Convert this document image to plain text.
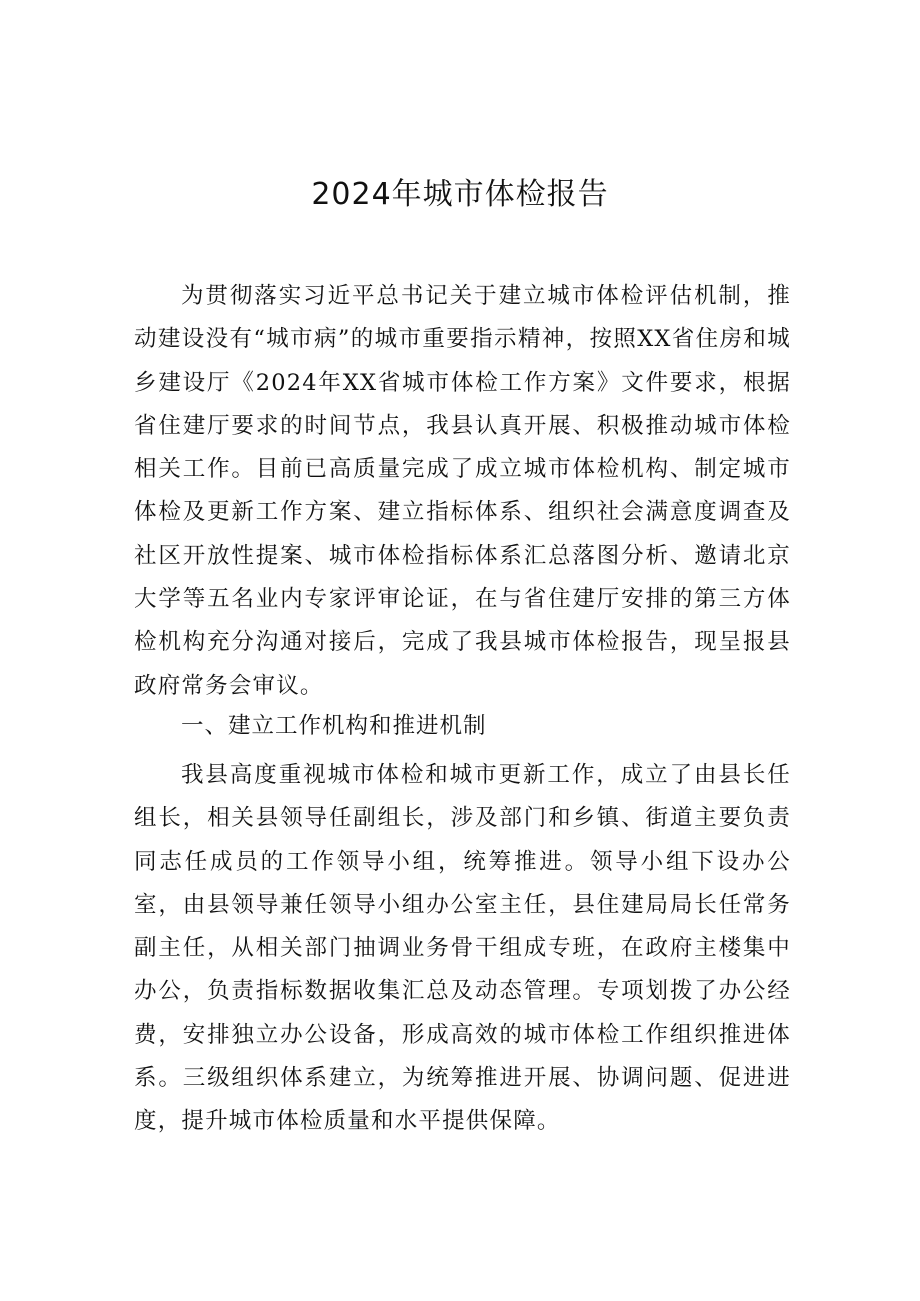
2024年城市体检报告

为贯彻落实习近平总书记关于建立城市体检评估机制，推动建设没有“城市病”的城市重要指示精神，按照XX省住房和城乡建设厅《2024年XX省城市体检工作方案》文件要求，根据省住建厅要求的时间节点，我县认真开展、积极推动城市体检相关工作。目前已高质量完成了成立城市体检机构、制定城市体检及更新工作方案、建立指标体系、组织社会满意度调查及社区开放性提案、城市体检指标体系汇总落图分析、邀请北京大学等五名业内专家评审论证，在与省住建厅安排的第三方体检机构充分沟通对接后，完成了我县城市体检报告，现呈报县政府常务会审议。

一、建立工作机构和推进机制

我县高度重视城市体检和城市更新工作，成立了由县长任组长，相关县领导任副组长，涉及部门和乡镇、街道主要负责同志任成员的工作领导小组，统筹推进。领导小组下设办公室，由县领导兼任领导小组办公室主任，县住建局局长任常务副主任，从相关部门抽调业务骨干组成专班，在政府主楼集中办公，负责指标数据收集汇总及动态管理。专项划拨了办公经费，安排独立办公设备，形成高效的城市体检工作组织推进体系。三级组织体系建立，为统筹推进开展、协调问题、促进进度，提升城市体检质量和水平提供保障。
